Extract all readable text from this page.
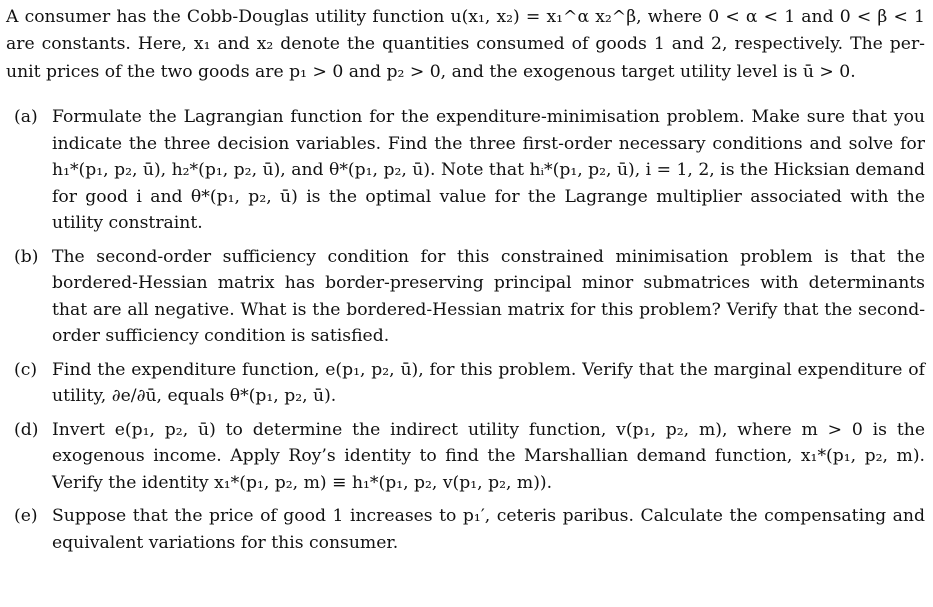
A consumer has the Cobb-Douglas utility function u(x₁, x₂) = x₁^α x₂^β, where 0 < α < 1 and 0 < β < 1 are constants. Here, x₁ and x₂ denote the quantities consumed of goods 1 and 2, respectively. The per-unit prices of the two goods are p₁ > 0 and p₂ > 0, and the exogenous target utility level is ū > 0.

(a) Formulate the Lagrangian function for the expenditure-minimisation problem. Make sure that you indicate the three decision variables. Find the three first-order necessary conditions and solve for h₁*(p₁, p₂, ū), h₂*(p₁, p₂, ū), and θ*(p₁, p₂, ū). Note that hᵢ*(p₁, p₂, ū), i = 1, 2, is the Hicksian demand for good i and θ*(p₁, p₂, ū) is the optimal value for the Lagrange multiplier associated with the utility constraint.
(b) The second-order sufficiency condition for this constrained minimisation problem is that the bordered-Hessian matrix has border-preserving principal minor submatrices with determinants that are all negative. What is the bordered-Hessian matrix for this problem? Verify that the second-order sufficiency condition is satisfied.
(c) Find the expenditure function, e(p₁, p₂, ū), for this problem. Verify that the marginal expenditure of utility, ∂e/∂ū, equals θ*(p₁, p₂, ū).
(d) Invert e(p₁, p₂, ū) to determine the indirect utility function, v(p₁, p₂, m), where m > 0 is the exogenous income. Apply Roy’s identity to find the Marshallian demand function, x₁*(p₁, p₂, m). Verify the identity x₁*(p₁, p₂, m) ≡ h₁*(p₁, p₂, v(p₁, p₂, m)).
(e) Suppose that the price of good 1 increases to p₁′, ceteris paribus. Calculate the compensating and equivalent variations for this consumer.
